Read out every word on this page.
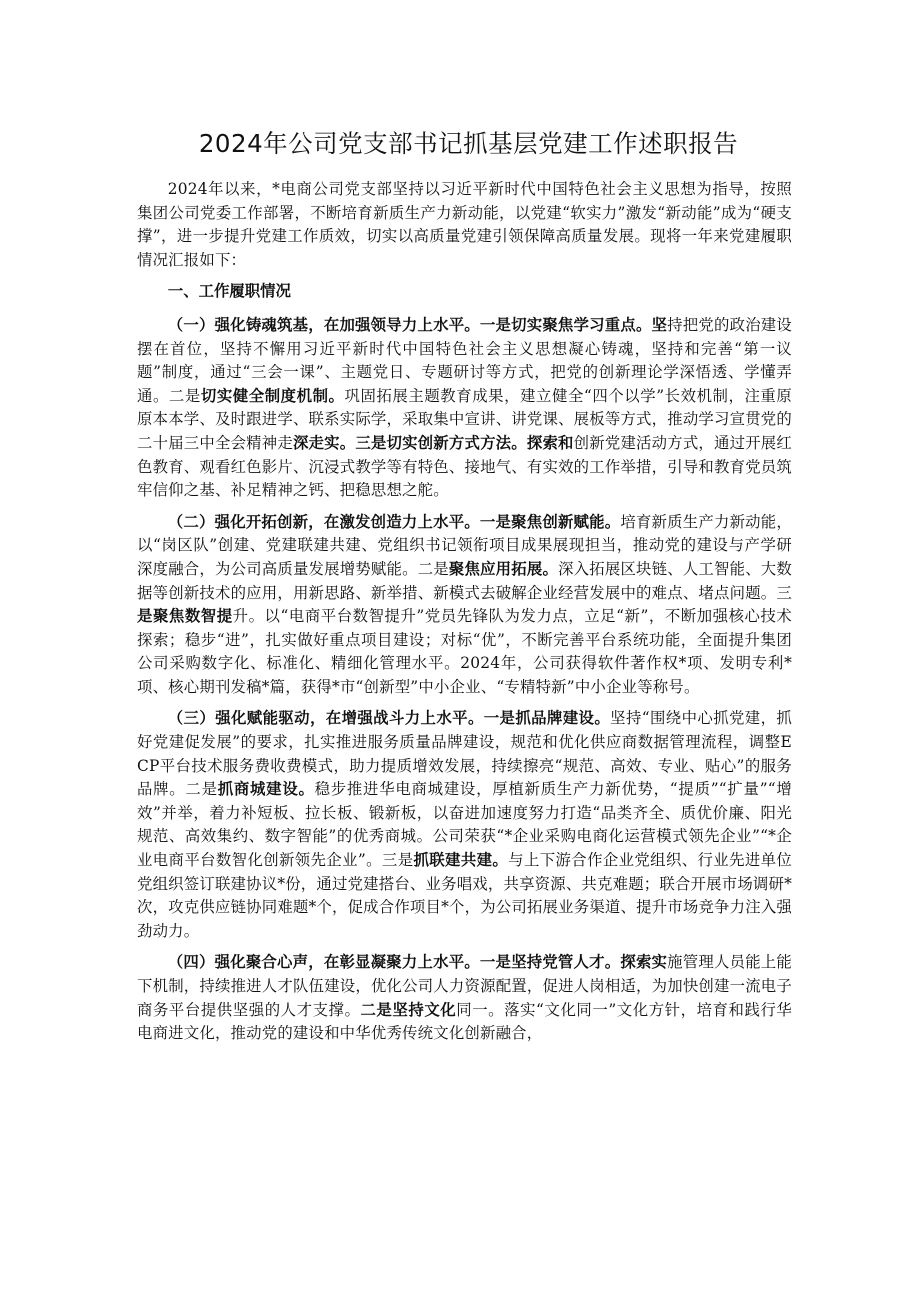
2024年公司党支部书记抓基层党建工作述职报告

2024年以来，*电商公司党支部坚持以习近平新时代中国特色社会主义思想为指导，按照集团公司党委工作部署，不断培育新质生产力新动能，以党建“软实力”激发“新动能”成为“硬支撑”，进一步提升党建工作质效，切实以高质量党建引领保障高质量发展。现将一年来党建履职情况汇报如下：

一、工作履职情况

（一）强化铸魂筑基，在加强领导力上水平。一是切实聚焦学习重点。坚持把党的政治建设摆在首位，坚持不懈用习近平新时代中国特色社会主义思想凝心铸魂，坚持和完善“第一议题”制度，通过“三会一课”、主题党日、专题研讨等方式，把党的创新理论学深悟透、学懂弄通。二是切实健全制度机制。巩固拓展主题教育成果，建立健全“四个以学”长效机制，注重原原本本学、及时跟进学、联系实际学，采取集中宣讲、讲党课、展板等方式，推动学习宣贯党的二十届三中全会精神走深走实。三是切实创新方式方法。探索和创新党建活动方式，通过开展红色教育、观看红色影片、沉浸式教学等有特色、接地气、有实效的工作举措，引导和教育党员筑牢信仰之基、补足精神之钙、把稳思想之舵。

（二）强化开拓创新，在激发创造力上水平。一是聚焦创新赋能。培育新质生产力新动能，以“岗区队”创建、党建联建共建、党组织书记领衔项目成果展现担当，推动党的建设与产学研深度融合，为公司高质量发展增势赋能。二是聚焦应用拓展。深入拓展区块链、人工智能、大数据等创新技术的应用，用新思路、新举措、新模式去破解企业经营发展中的难点、堵点问题。三是聚焦数智提升。以“电商平台数智提升”党员先锋队为发力点，立足“新”，不断加强核心技术探索；稳步“进”，扎实做好重点项目建设；对标“优”，不断完善平台系统功能，全面提升集团公司采购数字化、标准化、精细化管理水平。2024年，公司获得软件著作权*项、发明专利*项、核心期刊发稿*篇，获得*市“创新型”中小企业、“专精特新”中小企业等称号。

（三）强化赋能驱动，在增强战斗力上水平。一是抓品牌建设。坚持“围绕中心抓党建，抓好党建促发展”的要求，扎实推进服务质量品牌建设，规范和优化供应商数据管理流程，调整ECP平台技术服务费收费模式，助力提质增效发展，持续擦亮“规范、高效、专业、贴心”的服务品牌。二是抓商城建设。稳步推进华电商城建设，厚植新质生产力新优势，“提质”“扩量”“增效”并举，着力补短板、拉长板、锻新板，以奋进加速度努力打造“品类齐全、质优价廉、阳光规范、高效集约、数字智能”的优秀商城。公司荣获“*企业采购电商化运营模式领先企业”“*企业电商平台数智化创新领先企业”。三是抓联建共建。与上下游合作企业党组织、行业先进单位党组织签订联建协议*份，通过党建搭台、业务唱戏，共享资源、共克难题；联合开展市场调研*次，攻克供应链协同难题*个，促成合作项目*个，为公司拓展业务渠道、提升市场竞争力注入强劲动力。

（四）强化聚合心声，在彰显凝聚力上水平。一是坚持党管人才。探索实施管理人员能上能下机制，持续推进人才队伍建设，优化公司人力资源配置，促进人岗相适，为加快创建一流电子商务平台提供坚强的人才支撑。二是坚持文化同一。落实“文化同一”文化方针，培育和践行华电商进文化，推动党的建设和中华优秀传统文化创新融合，
